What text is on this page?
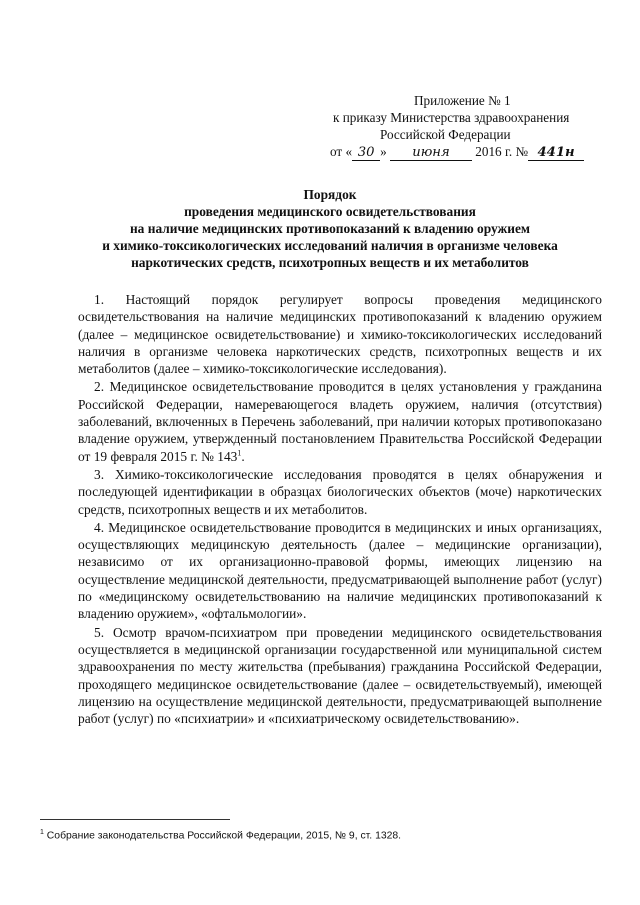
Приложение № 1
к приказу Министерства здравоохранения
Российской Федерации
от « 30 » июня 2016 г. № 441н
Порядок
проведения медицинского освидетельствования
на наличие медицинских противопоказаний к владению оружием
и химико-токсикологических исследований наличия в организме человека
наркотических средств, психотропных веществ и их метаболитов

1. Настоящий порядок регулирует вопросы проведения медицинского освидетельствования на наличие медицинских противопоказаний к владению оружием (далее – медицинское освидетельствование) и химико-токсикологических исследований наличия в организме человека наркотических средств, психотропных веществ и их метаболитов (далее – химико-токсикологические исследования).

2. Медицинское освидетельствование проводится в целях установления у гражданина Российской Федерации, намеревающегося владеть оружием, наличия (отсутствия) заболеваний, включенных в Перечень заболеваний, при наличии которых противопоказано владение оружием, утвержденный постановлением Правительства Российской Федерации от 19 февраля 2015 г. № $143^1$.

3. Химико-токсикологические исследования проводятся в целях обнаружения и последующей идентификации в образцах биологических объектов (моче) наркотических средств, психотропных веществ и их метаболитов.

4. Медицинское освидетельствование проводится в медицинских и иных организациях, осуществляющих медицинскую деятельность (далее – медицинские организации), независимо от их организационно-правовой формы, имеющих лицензию на осуществление медицинской деятельности, предусматривающей выполнение работ (услуг) по «медицинскому освидетельствованию на наличие медицинских противопоказаний к владению оружием», «офтальмологии».

5. Осмотр врачом-психиатром при проведении медицинского освидетельствования осуществляется в медицинской организации государственной или муниципальной систем здравоохранения по месту жительства (пребывания) гражданина Российской Федерации, проходящего медицинское освидетельствование (далее – освидетельствуемый), имеющей лицензию на осуществление медицинской деятельности, предусматривающей выполнение работ (услуг) по «психиатрии» и «психиатрическому освидетельствованию».

$^1$ Собрание законодательства Российской Федерации, 2015, № 9, ст. 1328.
